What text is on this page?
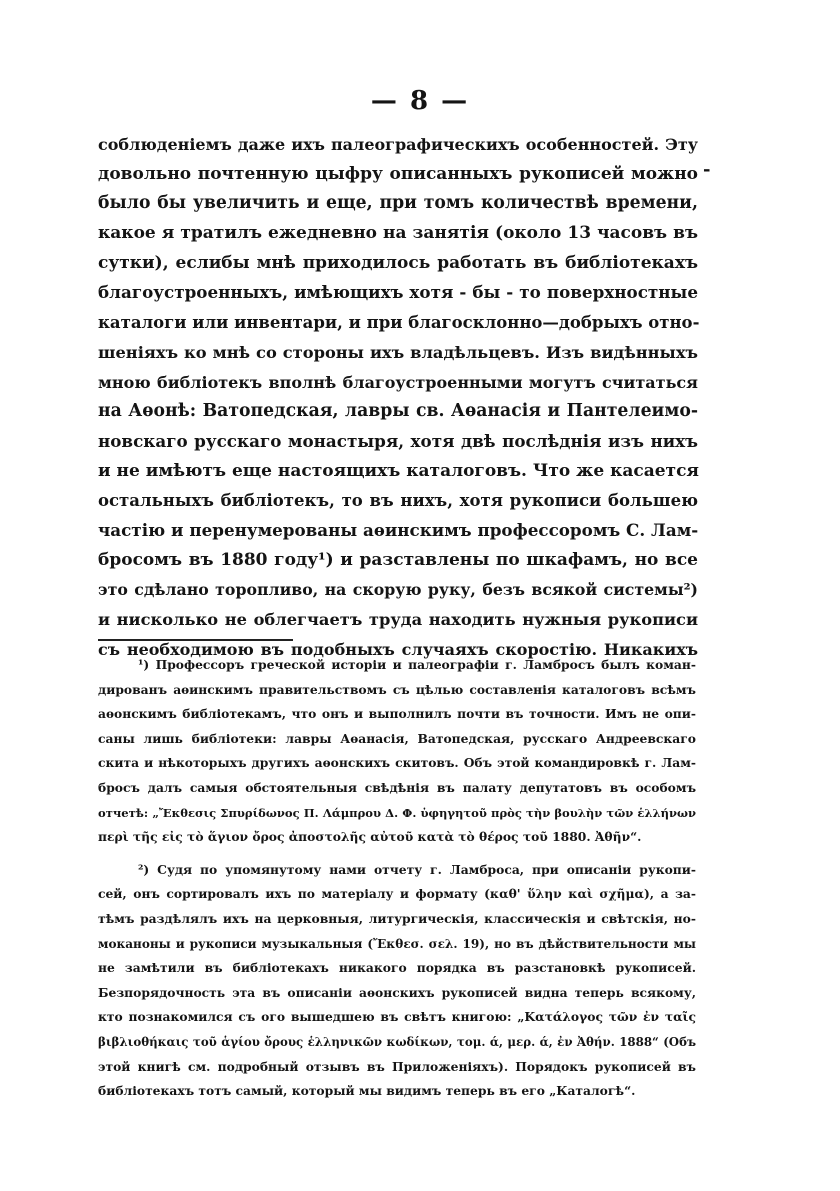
— 8 —
соблюденіемъ даже ихъ палеографическихъ особенностей. Эту
довольно почтенную цыфру описанныхъ рукописей можно
было бы увеличить и еще, при томъ количествѣ времени,
какое я тратилъ ежедневно на занятія (около 13 часовъ въ
сутки), еслибы мнѣ приходилось работать въ библіотекахъ
благоустроенныхъ, имѣющихъ хотя - бы - то поверхностные
каталоги или инвентари, и при благосклонно—добрыхъ отно-
шеніяхъ ко мнѣ со стороны ихъ владѣльцевъ. Изъ видѣнныхъ
мною библіотекъ вполнѣ благоустроенными могутъ считаться
на Аѳонѣ: Ватопедская, лавры св. Аѳанасія и Пантелеимо-
новскаго русскаго монастыря, хотя двѣ послѣднія изъ нихъ
и не имѣютъ еще настоящихъ каталоговъ. Что же касается
остальныхъ библіотекъ, то въ нихъ, хотя рукописи большею
частію и перенумерованы аѳинскимъ профессоромъ С. Лам-
бросомъ въ 1880 году¹) и разставлены по шкафамъ, но все
это сдѣлано торопливо, на скорую руку, безъ всякой системы²)
и нисколько не облегчаетъ труда находить нужныя рукописи
съ необходимою въ подобныхъ случаяхъ скоростію. Никакихъ
-
¹) Профессоръ греческой исторіи и палеографіи г. Ламбросъ былъ коман-
дированъ аѳинскимъ правительствомъ съ цѣлью составленія каталоговъ всѣмъ
аѳонскимъ библіотекамъ, что онъ и выполнилъ почти въ точности. Имъ не опи-
саны лишь библіотеки: лавры Аѳанасія, Ватопедская, русскаго Андреевскаго
скита и нѣкоторыхъ другихъ аѳонскихъ скитовъ. Объ этой командировкѣ г. Лам-
бросъ далъ самыя обстоятельныя свѣдѣнія въ палату депутатовъ въ особомъ
отчетѣ: „Ἔκθεσις Σπυρίδωνος Π. Λάμπρου Δ. Φ. ὑφηγητοῦ πρὸς τὴν βουλὴν τῶν ἑλλήνων
περὶ τῆς εἰς τὸ ἅγιον ὄρος ἀποστολῆς αὐτοῦ κατὰ τὸ θέρος τοῦ 1880. Ἀθῆν“.
²) Судя по упомянутому нами отчету г. Ламброса, при описаніи рукопи-
сей, онъ сортировалъ ихъ по матеріалу и формату (καθ' ὕλην καὶ σχῆμα), а за-
тѣмъ раздѣлялъ ихъ на церковныя, литургическія, классическія и свѣтскія, но-
моканоны и рукописи музыкальныя (Ἔκθεσ. σελ. 19), но въ дѣйствительности мы
не замѣтили въ библіотекахъ никакого порядка въ разстановкѣ рукописей.
Безпорядочность эта въ описаніи аѳонскихъ рукописей видна теперь всякому,
кто познакомился съ ого вышедшею въ свѣтъ книгою: „Κατάλογος τῶν ἐν ταῖς
βιβλιοθήκαις τοῦ ἁγίου ὄρους ἑλληνικῶν κωδίκων, τομ. ά, μερ. ά, ἐν Ἀθήν. 1888“ (Объ
этой книгѣ см. подробный отзывъ въ Приложеніяхъ). Порядокъ рукописей въ
библіотекахъ тотъ самый, который мы видимъ теперь въ его „Каталогѣ“.
